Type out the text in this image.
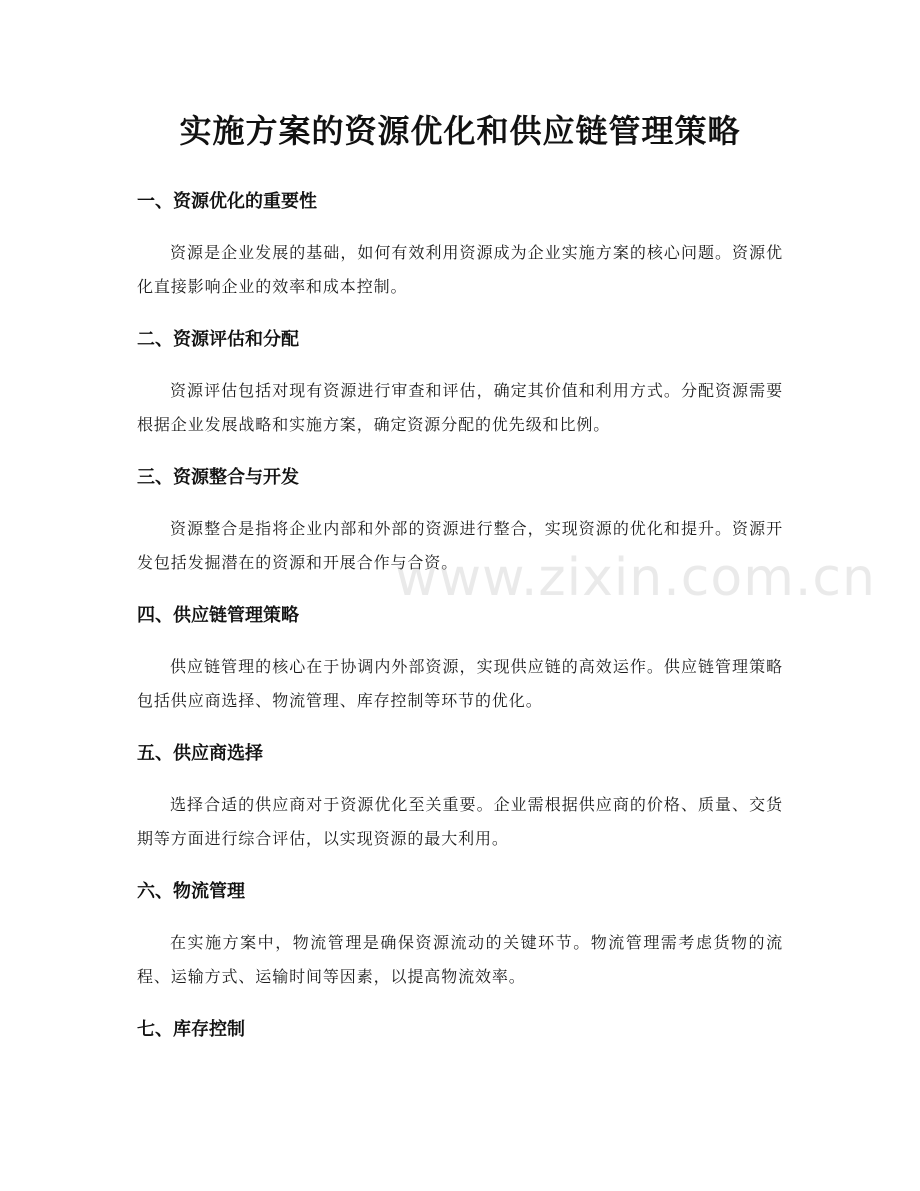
实施方案的资源优化和供应链管理策略
一、资源优化的重要性
资源是企业发展的基础，如何有效利用资源成为企业实施方案的核心问题。资源优化直接影响企业的效率和成本控制。
二、资源评估和分配
资源评估包括对现有资源进行审查和评估，确定其价值和利用方式。分配资源需要根据企业发展战略和实施方案，确定资源分配的优先级和比例。
三、资源整合与开发
资源整合是指将企业内部和外部的资源进行整合，实现资源的优化和提升。资源开发包括发掘潜在的资源和开展合作与合资。
四、供应链管理策略
供应链管理的核心在于协调内外部资源，实现供应链的高效运作。供应链管理策略包括供应商选择、物流管理、库存控制等环节的优化。
五、供应商选择
选择合适的供应商对于资源优化至关重要。企业需根据供应商的价格、质量、交货期等方面进行综合评估，以实现资源的最大利用。
六、物流管理
在实施方案中，物流管理是确保资源流动的关键环节。物流管理需考虑货物的流程、运输方式、运输时间等因素，以提高物流效率。
七、库存控制
www.zixin.com.cn
